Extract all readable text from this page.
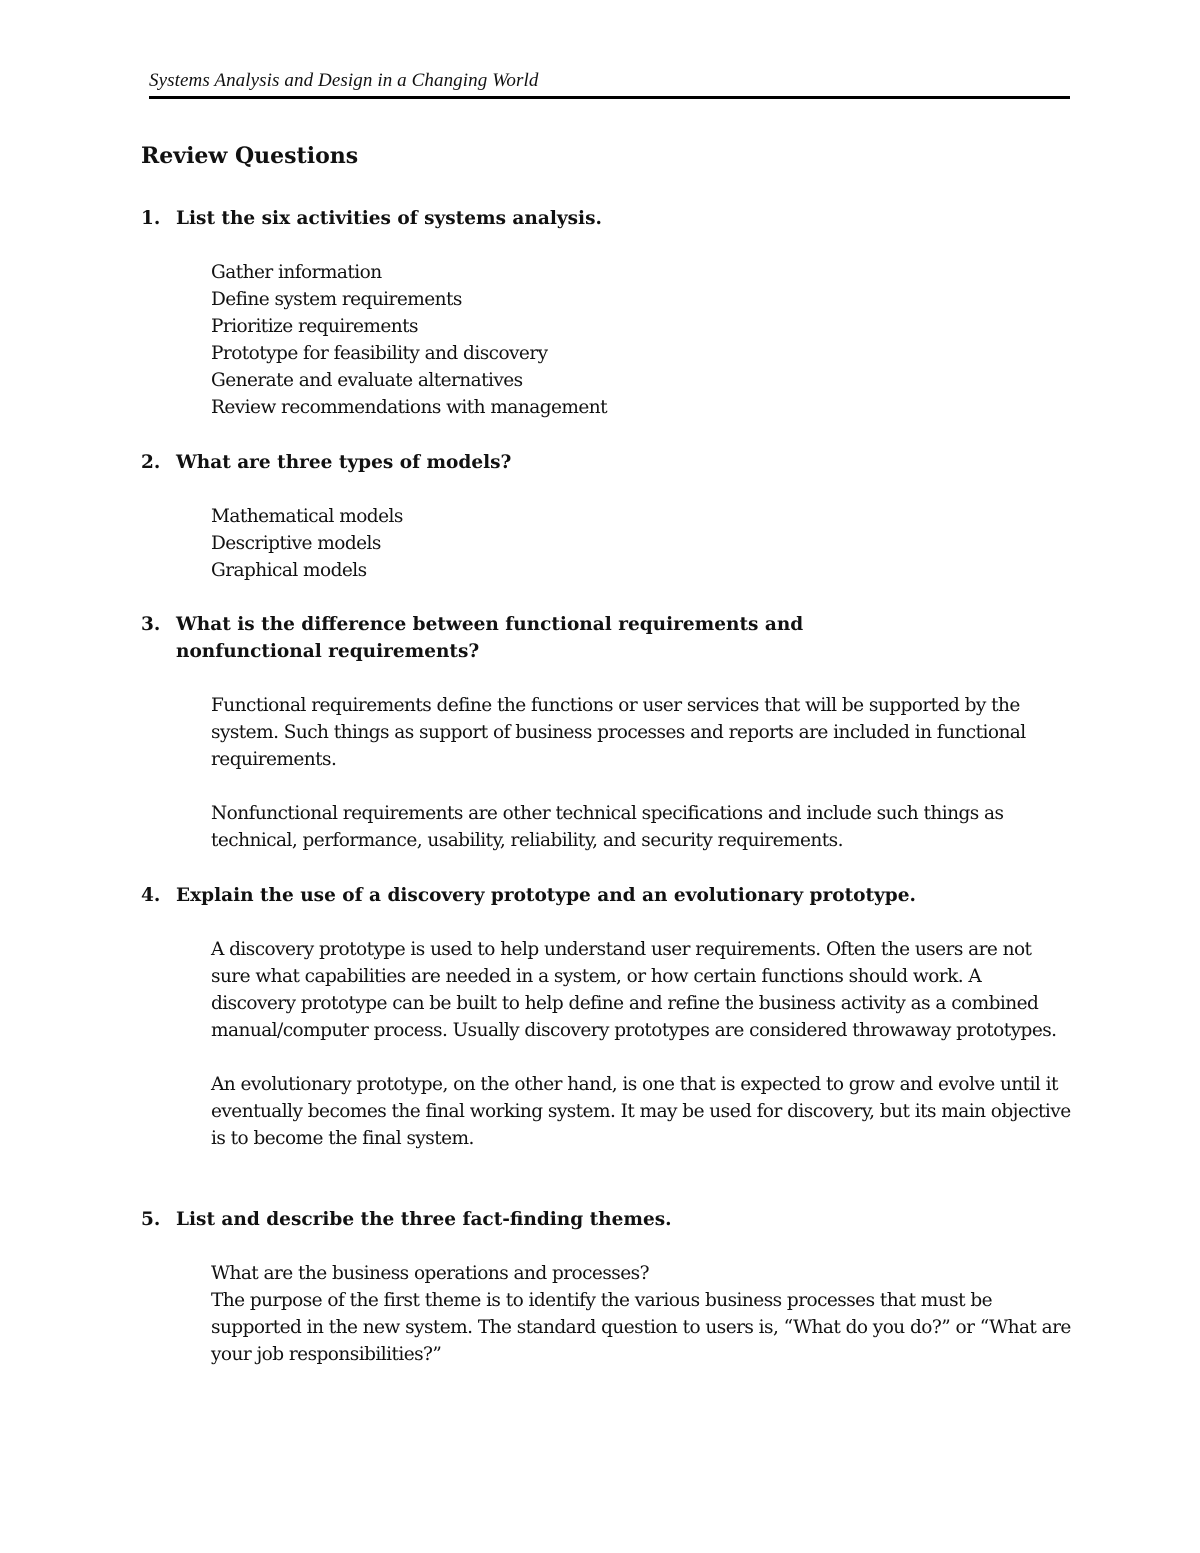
Systems Analysis and Design in a Changing World
Review Questions
1. List the six activities of systems analysis.
Gather information
Define system requirements
Prioritize requirements
Prototype for feasibility and discovery
Generate and evaluate alternatives
Review recommendations with management
2. What are three types of models?
Mathematical models
Descriptive models
Graphical models
3. What is the difference between functional requirements and nonfunctional requirements?

Functional requirements define the functions or user services that will be supported by the system. Such things as support of business processes and reports are included in functional requirements.

Nonfunctional requirements are other technical specifications and include such things as technical, performance, usability, reliability, and security requirements.

4. Explain the use of a discovery prototype and an evolutionary prototype.

A discovery prototype is used to help understand user requirements. Often the users are not sure what capabilities are needed in a system, or how certain functions should work. A discovery prototype can be built to help define and refine the business activity as a combined manual/computer process. Usually discovery prototypes are considered throwaway prototypes.

An evolutionary prototype, on the other hand, is one that is expected to grow and evolve until it eventually becomes the final working system. It may be used for discovery, but its main objective is to become the final system.

5. List and describe the three fact-finding themes.
What are the business operations and processes?

The purpose of the first theme is to identify the various business processes that must be supported in the new system. The standard question to users is, “What do you do?” or “What are your job responsibilities?”
